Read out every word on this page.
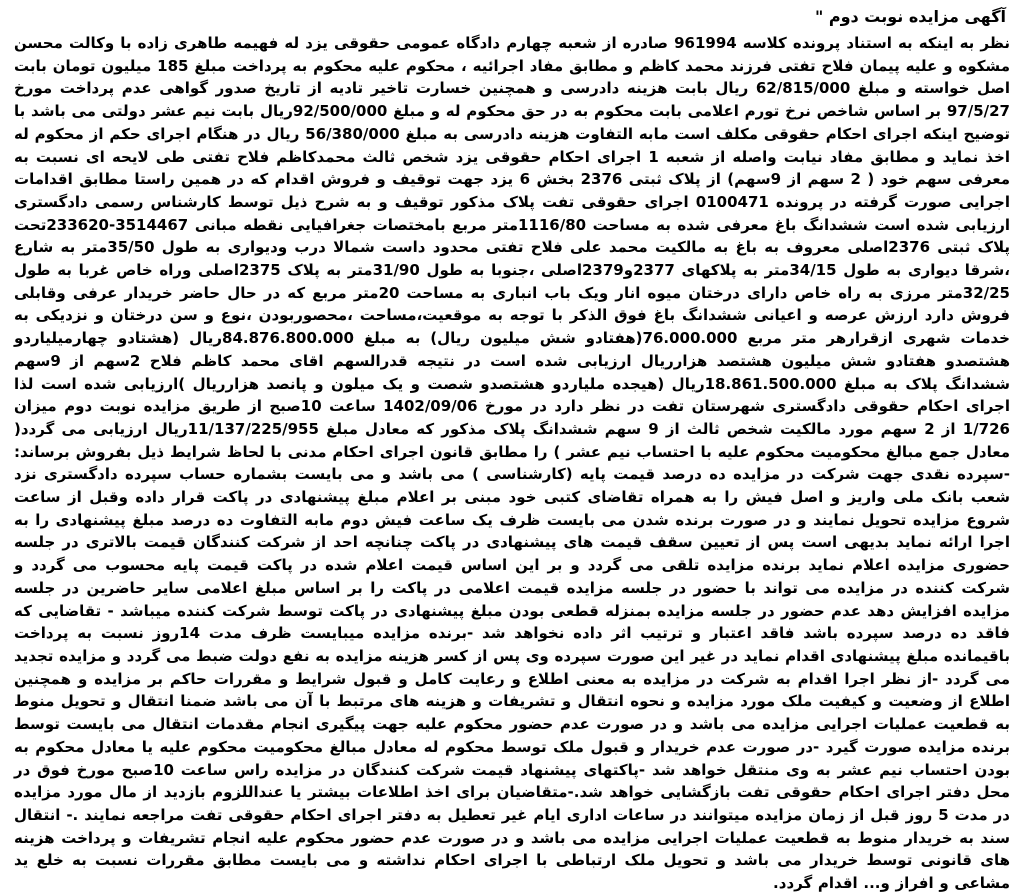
آگهی مزایده نوبت دوم "

نظر به اینکه به استناد پرونده کلاسه 961994 صادره از شعبه چهارم دادگاه عمومی حقوقی یزد له فهیمه طاهری زاده با وکالت محسن مشکوه و علیه پیمان فلاح تفتی فرزند محمد کاظم و مطابق مفاد اجرائیه ، محکوم علیه محکوم به پرداخت مبلغ 185 میلیون تومان بابت اصل خواسته و مبلغ 62/815/000 ریال بابت هزینه دادرسی و همچنین خسارت تاخیر تادیه از تاریخ صدور گواهی عدم پرداخت مورخ 97/5/27 بر اساس شاخص نرخ تورم اعلامی بابت محکوم به در حق محکوم له و مبلغ 92/500/000ریال بابت نیم عشر دولتی می باشد با توضیح اینکه اجرای احکام حقوقی مکلف است مابه التفاوت هزینه دادرسی به مبلغ 56/380/000 ریال در هنگام اجرای حکم از محکوم له اخذ نماید و مطابق مفاد نیابت واصله از شعبه 1 اجرای احکام حقوقی یزد شخص ثالث محمدکاظم فلاح تفتی طی لایحه ای نسبت به معرفی سهم خود ( 2 سهم از 9سهم) از پلاک ثبتی 2376 بخش 6 یزد جهت توقیف و فروش اقدام که در همین راستا مطابق اقدامات اجرایی صورت گرفته در پرونده 0100471 اجرای حقوقی تفت پلاک مذکور توقیف و به شرح ذیل توسط کارشناس رسمی دادگستری ارزیابی شده است ششدانگ باغ معرفی شده به مساحت 1116/80متر مربع بامختصات جغرافیایی نقطه مبانی 3514467-233620تحت پلاک ثبتی 2376اصلی معروف به باغ به مالکیت محمد علی فلاح تفتی محدود داست شمالا درب ودیواری به طول 35/50متر به شارع ،شرقا دیواری به طول 34/15متر به پلاکهای 2377و2379اصلی ،جنوبا به طول 31/90متر به پلاک 2375اصلی وراه خاص غربا به طول 32/25متر مرزی به راه خاص دارای درختان میوه انار ویک باب انباری به مساحت 20متر مربع که در حال حاضر خریدار عرفی وقابلی فروش دارد ارزش عرصه و اعیانی ششدانگ باغ فوق الذکر با توجه به موقعیت،مساحت ،محصوربودن ،نوع و سن درختان و نزدیکی به خدمات شهری ازقرارهر متر مربع 76.000.000(هفتادو شش میلیون ریال) به مبلغ 84.876.800.000ریال (هشتادو چهارمیلیاردو هشتصدو هفتادو شش میلیون هشتصد هزارریال ارزیابی شده است در نتیجه قدرالسهم اقای محمد کاظم فلاح 2سهم از 9سهم ششدانگ پلاک به مبلغ 18.861.500.000ریال (هیجده ملیاردو هشتصدو شصت و یک میلون و پانصد هزارریال )ارزیابی شده است لذا اجرای احکام حقوقی دادگستری شهرستان تفت در نظر دارد در مورخ 1402/09/06 ساعت 10صبح از طریق مزایده نوبت دوم میزان 1/726 از 2 سهم مورد مالکیت شخص ثالث از 9 سهم ششدانگ پلاک مذکور که معادل مبلغ 11/137/225/955ریال ارزیابی می گردد( معادل جمع مبالغ محکومیت محکوم علیه با احتساب نیم عشر ) را مطابق قانون اجرای احکام مدنی با لحاظ شرایط ذیل بفروش برساند: -سپرده نقدی جهت شرکت در مزایده ده درصد قیمت پایه (کارشناسی ) می باشد و می بایست بشماره حساب سپرده دادگستری نزد شعب بانک ملی واریز و اصل فیش را به همراه تقاضای کتبی خود مبنی بر اعلام مبلغ پیشنهادی در پاکت قرار داده وقبل از ساعت شروع مزایده تحویل نمایند و در صورت برنده شدن می بایست ظرف یک ساعت فیش دوم مابه التفاوت ده درصد مبلغ پیشنهادی را به اجرا ارائه نماید بدیهی است پس از تعیین سقف قیمت های پیشنهادی در پاکت چنانچه احد از شرکت کنندگان قیمت بالاتری در جلسه حضوری مزایده اعلام نماید برنده مزایده تلقی می گردد و بر این اساس قیمت اعلام شده در پاکت قیمت پایه محسوب می گردد و شرکت کننده در مزایده می تواند با حضور در جلسه مزایده قیمت اعلامی در پاکت را بر اساس مبلغ اعلامی سایر حاضرین در جلسه مزایده افزایش دهد عدم حضور در جلسه مزایده بمنزله قطعی بودن مبلغ پیشنهادی در پاکت توسط شرکت کننده میباشد - تقاضایی که فاقد ده درصد سپرده باشد فاقد اعتبار و ترتیب اثر داده نخواهد شد -برنده مزایده میبایست ظرف مدت 14روز نسبت به پرداخت باقیمانده مبلغ پیشنهادی اقدام نماید در غیر این صورت سپرده وی پس از کسر هزینه مزایده به نفع دولت ضبط می گردد و مزایده تجدید می گردد -از نظر اجرا اقدام به شرکت در مزایده به معنی اطلاع و رعایت کامل و قبول شرایط و مقررات حاکم بر مزایده و همچنین اطلاع از وضعیت و کیفیت ملک مورد مزایده و نحوه انتقال و تشریفات و هزینه های مرتبط با آن می باشد ضمنا انتقال و تحویل منوط به قطعیت عملیات اجرایی مزایده می باشد و در صورت عدم حضور محکوم علیه جهت پیگیری انجام مقدمات انتقال می بایست توسط برنده مزایده صورت گیرد -در صورت عدم خریدار و قبول ملک توسط محکوم له معادل مبالغ محکومیت محکوم علیه یا معادل محکوم به بودن احتساب نیم عشر به وی منتقل خواهد شد -پاکتهای پیشنهاد قیمت شرکت کنندگان در مزایده راس ساعت 10صبح مورخ فوق در محل دفتر اجرای احکام حقوقی تفت بازگشایی خواهد شد.-متقاضیان برای اخذ اطلاعات بیشتر یا عنداللزوم بازدید از مال مورد مزایده در مدت 5 روز قبل از زمان مزایده میتوانند در ساعات اداری ایام غیر تعطیل به دفتر اجرای احکام حقوقی تفت مراجعه نمایند .- انتقال سند به خریدار منوط به قطعیت عملیات اجرایی مزایده می باشد و در صورت عدم حضور محکوم علیه انجام تشریفات و پرداخت هزینه های قانونی توسط خریدار می باشد و تحویل ملک ارتباطی با اجرای احکام نداشته و می بایست مطابق مقررات نسبت به خلع ید مشاعی و افراز و... اقدام گردد.
